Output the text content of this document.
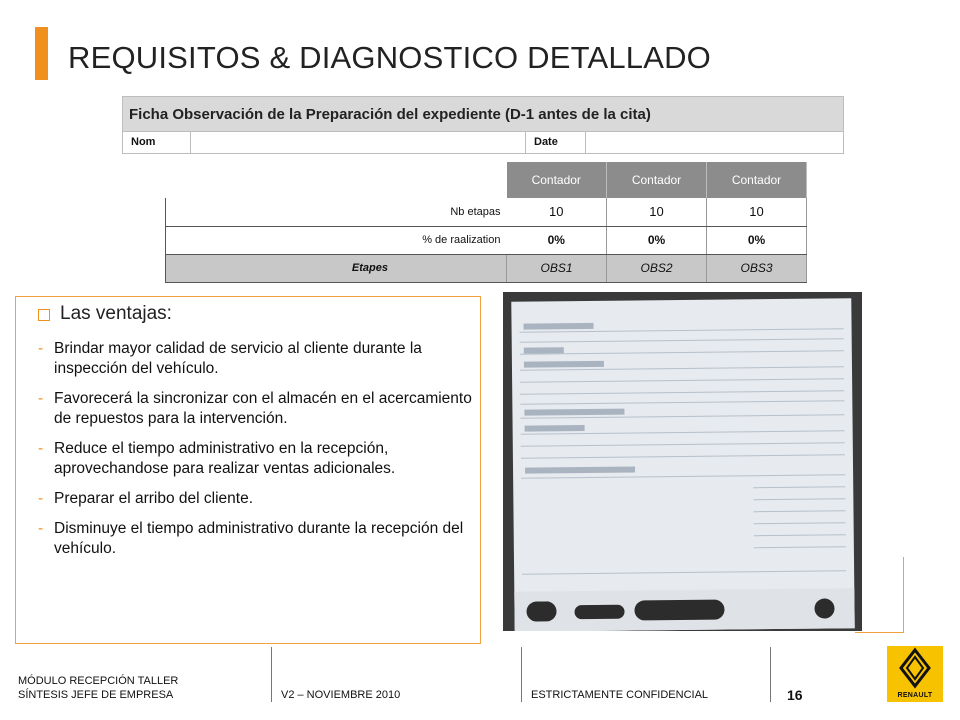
REQUISITOS & DIAGNOSTICO DETALLADO
Ficha Observación de la Preparación del expediente (D-1 antes de la cita)
Nom	Date
	Contador	Contador	Contador
Nb etapas	10	10	10
% de raalization	0%	0%	0%
Etapes	OBS1	OBS2	OBS3
Las ventajas:
- Brindar mayor calidad de servicio al cliente durante la inspección del vehículo.
- Favorecerá la sincronizar con el almacén en el acercamiento de repuestos para la intervención.
- Reduce el tiempo administrativo en la recepción, aprovechandose para realizar ventas adicionales.
- Preparar el arribo del cliente.
- Disminuye el tiempo administrativo durante la recepción del vehículo.
MÓDULO RECEPCIÓN TALLER
SÍNTESIS JEFE DE EMPRESA	V2 – NOVIEMBRE 2010	ESTRICTAMENTE CONFIDENCIAL	16	RENAULT
